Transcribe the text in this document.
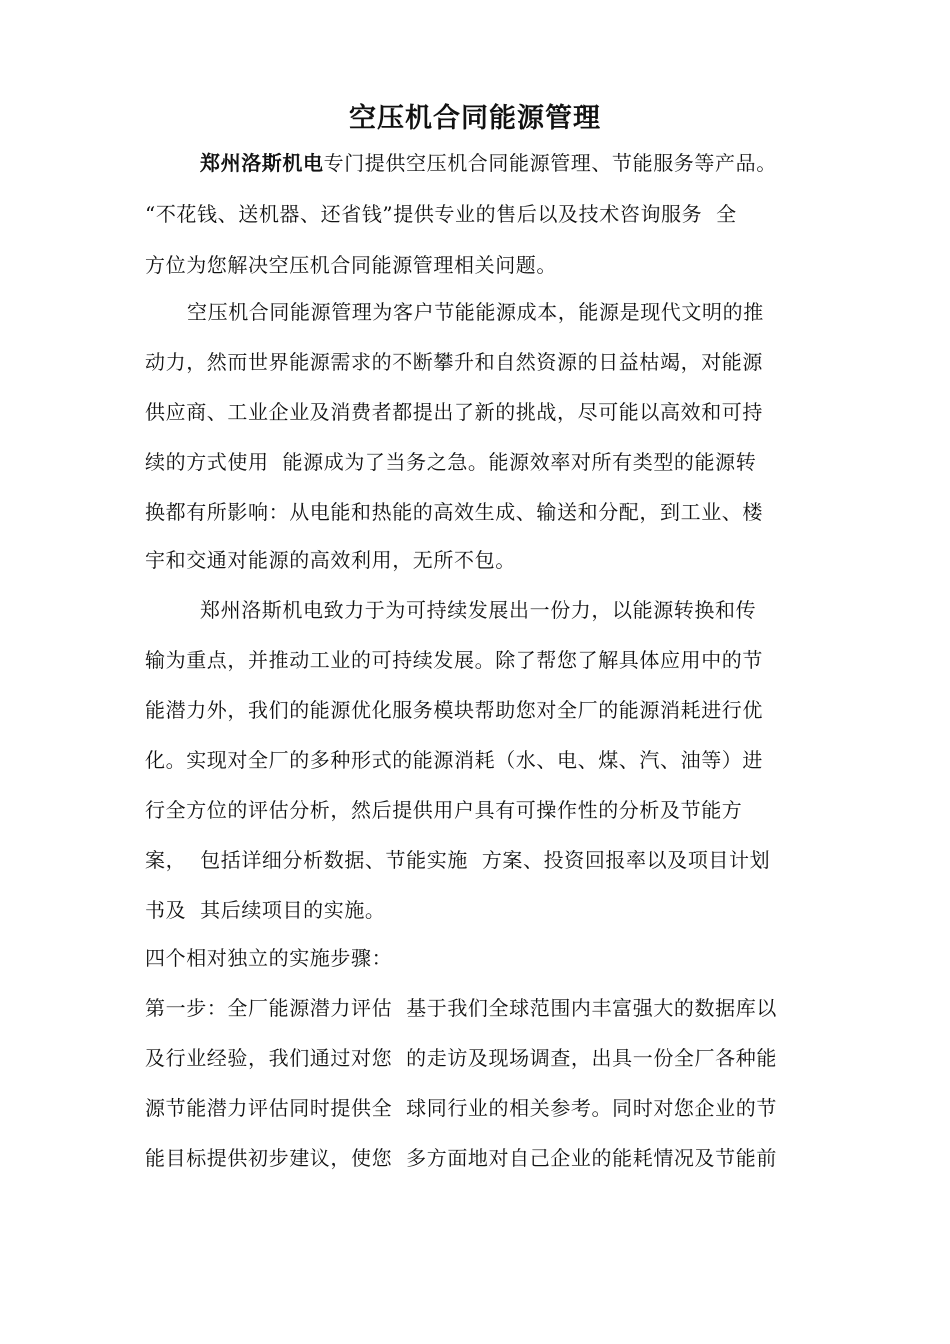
空压机合同能源管理
郑州洛斯机电专门提供空压机合同能源管理、节能服务等产品。
“不花钱、送机器、还省钱”提供专业的售后以及技术咨询服务  全
方位为您解决空压机合同能源管理相关问题。
空压机合同能源管理为客户节能能源成本，能源是现代文明的推
动力，然而世界能源需求的不断攀升和自然资源的日益枯竭，对能源
供应商、工业企业及消费者都提出了新的挑战，尽可能以高效和可持
续的方式使用  能源成为了当务之急。能源效率对所有类型的能源转
换都有所影响：从电能和热能的高效生成、输送和分配，到工业、楼
宇和交通对能源的高效利用，无所不包。
郑州洛斯机电致力于为可持续发展出一份力，以能源转换和传
输为重点，并推动工业的可持续发展。除了帮您了解具体应用中的节
能潜力外，我们的能源优化服务模块帮助您对全厂的能源消耗进行优
化。实现对全厂的多种形式的能源消耗（水、电、煤、汽、油等）进
行全方位的评估分析，然后提供用户具有可操作性的分析及节能方
案，  包括详细分析数据、节能实施  方案、投资回报率以及项目计划
书及  其后续项目的实施。
四个相对独立的实施步骤：
第一步：全厂能源潜力评估  基于我们全球范围内丰富强大的数据库以
及行业经验，我们通过对您  的走访及现场调查，出具一份全厂各种能
源节能潜力评估同时提供全  球同行业的相关参考。同时对您企业的节
能目标提供初步建议，使您  多方面地对自己企业的能耗情况及节能前
